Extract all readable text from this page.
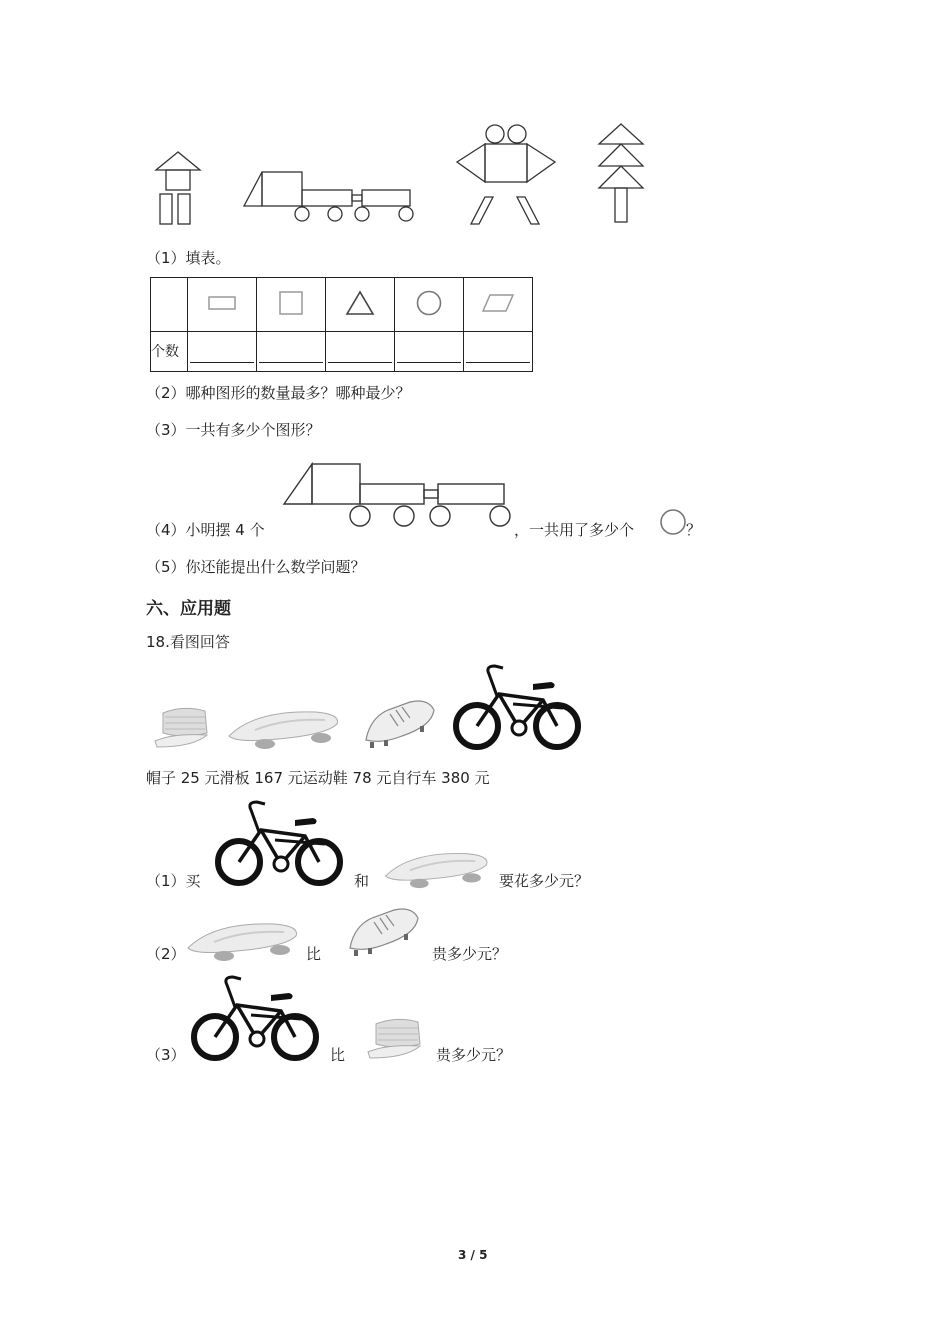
（1）填表。

个数	

（2）哪种图形的数量最多？哪种最少？
（3）一共有多少个图形？
（4）小明摆 4 个	，一共用了多少个	？
（5）你还能提出什么数学问题？
六、应用题
18.看图回答
帽子 25 元滑板 167 元运动鞋 78 元自行车 380 元
（1）买	和	要花多少元？
（2）	比	贵多少元？
（3）	比	贵多少元？
3 / 5
